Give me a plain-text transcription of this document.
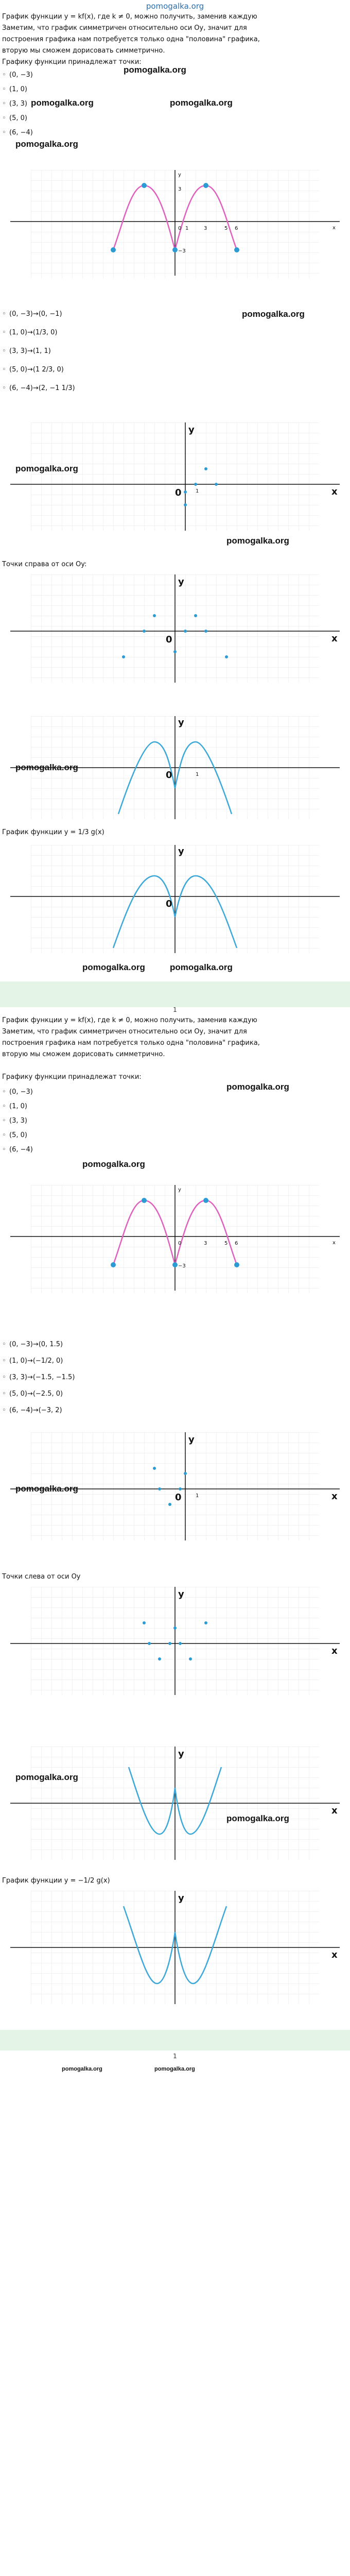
pomogalka.org
График функции y = kf(x), где k ≠ 0, можно получить, заменив каждую
Заметим, что график симметричен относительно оси Oy, значит для
построения графика нам потребуется только одна "половина" графика,
вторую мы сможем дорисовать симметрично.
Графику функции принадлежат точки:
◦ (0, −3)
◦ (1, 0)
◦ (3, 3)
◦ (5, 0)
◦ (6, −4)
x
y
0 1	3	5 6
3
−3
◦ (0, −3)→(0, −1)
◦ (1, 0)→(1/3, 0)
◦ (3, 3)→(1, 1)
◦ (5, 0)→(1 2/3, 0)
◦ (6, −4)→(2, −1 1/3)
y
x
0	1
Точки справа от оси Oy:
y
x
0
y
0	1
График функции y = 1/3 g(x)
y
0
1
График функции y = kf(x), где k ≠ 0, можно получить, заменив каждую
Заметим, что график симметричен относительно оси Oy, значит для
построения графика нам потребуется только одна "половина" графика,
вторую мы сможем дорисовать симметрично.
Графику функции принадлежат точки:
◦ (0, −3)
◦ (1, 0)
◦ (3, 3)
◦ (5, 0)
◦ (6, −4)
x
y
0	3	5 6
−3
◦ (0, −3)→(0, 1.5)
◦ (1, 0)→(−1/2, 0)
◦ (3, 3)→(−1.5, −1.5)
◦ (5, 0)→(−2.5, 0)
◦ (6, −4)→(−3, 2)
y
x
0	1
Точки слева от оси Oy
y
x
y
x
График функции y = −1/2 g(x)
y
x
1
pomogalka.org
pomogalka.org	pomogalka.org
pomogalka.org
pomogalka.org
pomogalka.org
pomogalka.org
pomogalka.org
pomogalka.org	pomogalka.org
pomogalka.org
pomogalka.org
pomogalka.org
pomogalka.org
pomogalka.org
pomogalka.org	pomogalka.org
